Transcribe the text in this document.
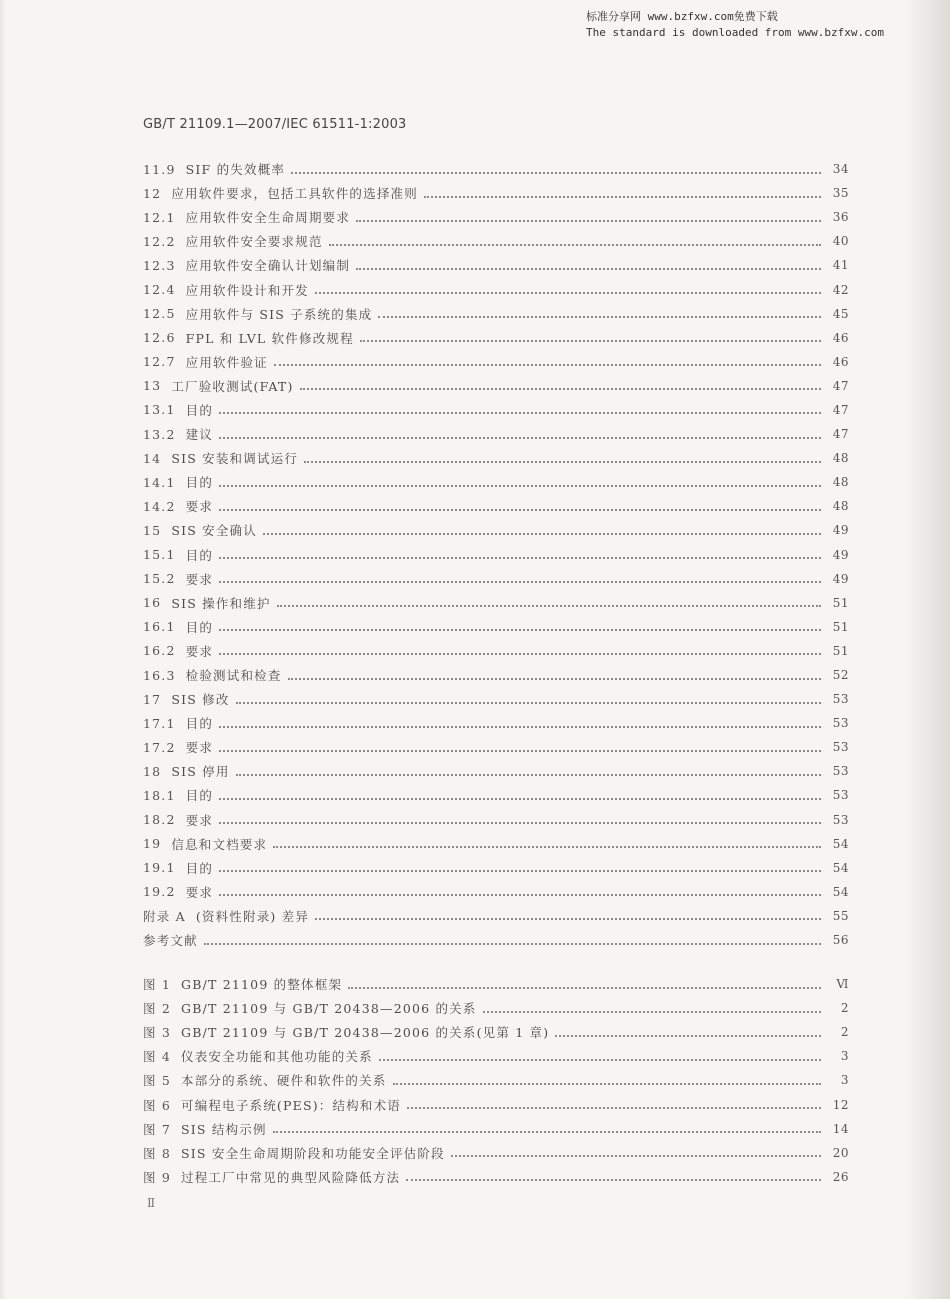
标准分享网 www.bzfxw.com免费下载
The standard is downloaded from www.bzfxw.com
GB/T 21109.1—2007/IEC 61511-1:2003
11.9 SIF 的失效概率	34
12 应用软件要求，包括工具软件的选择准则	35
12.1 应用软件安全生命周期要求	36
12.2 应用软件安全要求规范	40
12.3 应用软件安全确认计划编制	41
12.4 应用软件设计和开发	42
12.5 应用软件与 SIS 子系统的集成	45
12.6 FPL 和 LVL 软件修改规程	46
12.7 应用软件验证	46
13 工厂验收测试(FAT)	47
13.1 目的	47
13.2 建议	47
14 SIS 安装和调试运行	48
14.1 目的	48
14.2 要求	48
15 SIS 安全确认	49
15.1 目的	49
15.2 要求	49
16 SIS 操作和维护	51
16.1 目的	51
16.2 要求	51
16.3 检验测试和检查	52
17 SIS 修改	53
17.1 目的	53
17.2 要求	53
18 SIS 停用	53
18.1 目的	53
18.2 要求	53
19 信息和文档要求	54
19.1 目的	54
19.2 要求	54
附录 A (资料性附录) 差异	55
参考文献	56
图 1 GB/T 21109 的整体框架	Ⅵ
图 2 GB/T 21109 与 GB/T 20438—2006 的关系	2
图 3 GB/T 21109 与 GB/T 20438—2006 的关系(见第 1 章)	2
图 4 仪表安全功能和其他功能的关系	3
图 5 本部分的系统、硬件和软件的关系	3
图 6 可编程电子系统(PES)：结构和术语	12
图 7 SIS 结构示例	14
图 8 SIS 安全生命周期阶段和功能安全评估阶段	20
图 9 过程工厂中常见的典型风险降低方法	26
Ⅱ
